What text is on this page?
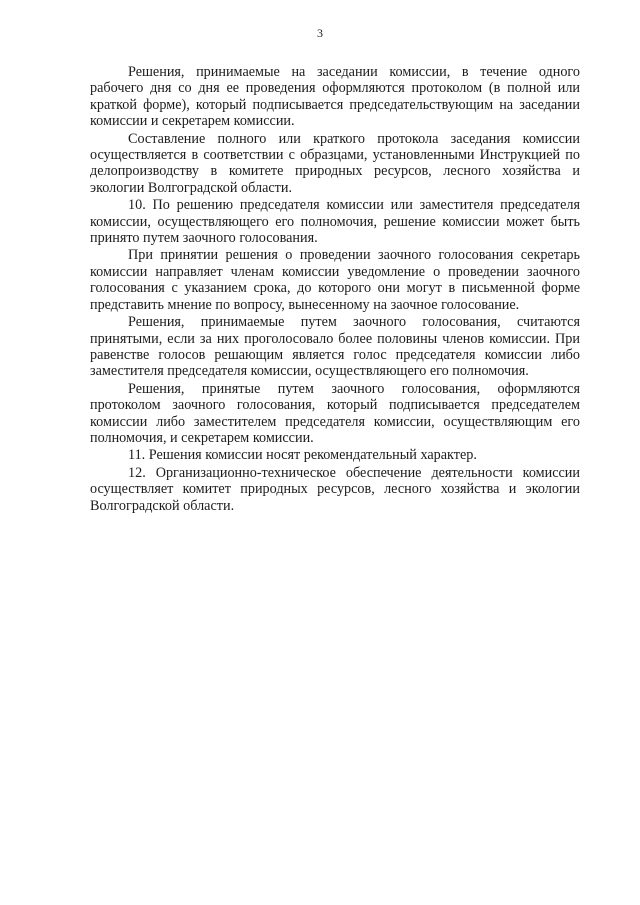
3

Решения, принимаемые на заседании комиссии, в течение одного рабочего дня со дня ее проведения оформляются протоколом (в полной или краткой форме), который подписывается председательствующим на заседании комиссии и секретарем комиссии.

Составление полного или краткого протокола заседания комиссии осуществляется в соответствии с образцами, установленными Инструкцией по делопроизводству в комитете природных ресурсов, лесного хозяйства и экологии Волгоградской области.

10. По решению председателя комиссии или заместителя председателя комиссии, осуществляющего его полномочия, решение комиссии может быть принято путем заочного голосования.

При принятии решения о проведении заочного голосования секретарь комиссии направляет членам комиссии уведомление о проведении заочного голосования с указанием срока, до которого они могут в письменной форме представить мнение по вопросу, вынесенному на заочное голосование.

Решения, принимаемые путем заочного голосования, считаются принятыми, если за них проголосовало более половины членов комиссии. При равенстве голосов решающим является голос председателя комиссии либо заместителя председателя комиссии, осуществляющего его полномочия.

Решения, принятые путем заочного голосования, оформляются протоколом заочного голосования, который подписывается председателем комиссии либо заместителем председателя комиссии, осуществляющим его полномочия, и секретарем комиссии.

11. Решения комиссии носят рекомендательный характер.

12. Организационно-техническое обеспечение деятельности комиссии осуществляет комитет природных ресурсов, лесного хозяйства и экологии Волгоградской области.
